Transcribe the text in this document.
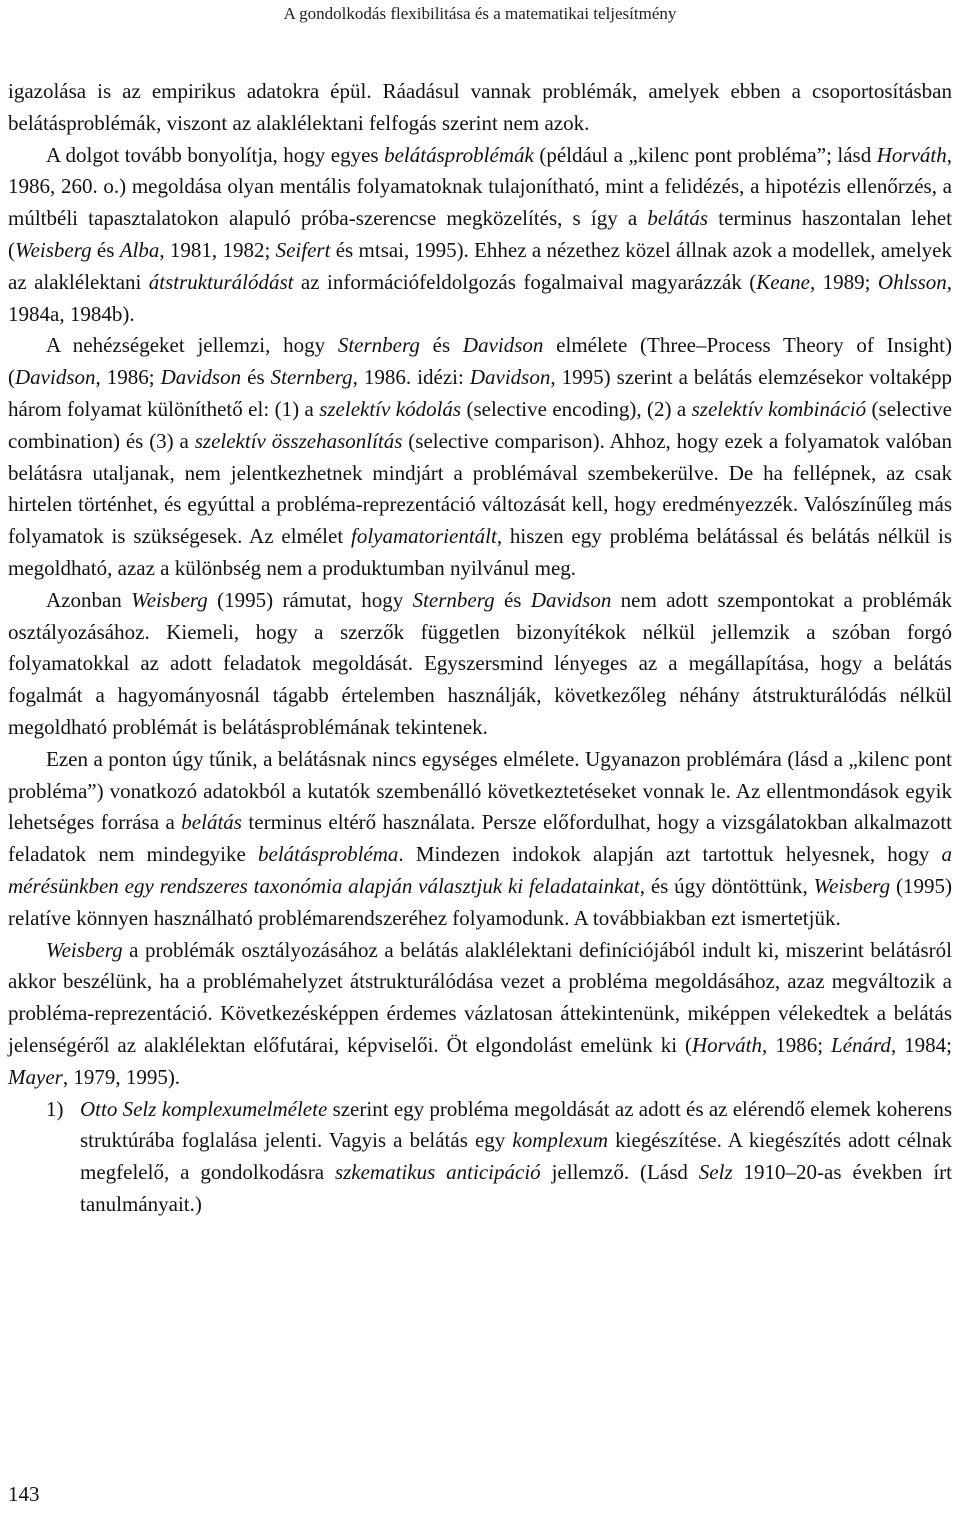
A gondolkodás flexibilitása és a matematikai teljesítmény

igazolása is az empirikus adatokra épül. Ráadásul vannak problémák, amelyek ebben a csoportosításban belátásproblémák, viszont az alaklélektani felfogás szerint nem azok.

A dolgot tovább bonyolítja, hogy egyes belátásproblémák (például a „kilenc pont probléma”; lásd Horváth, 1986, 260. o.) megoldása olyan mentális folyamatoknak tulajonítható, mint a felidézés, a hipotézis ellenőrzés, a múltbéli tapasztalatokon alapuló próba-szerencse megközelítés, s így a belátás terminus haszontalan lehet (Weisberg és Alba, 1981, 1982; Seifert és mtsai, 1995). Ehhez a nézethez közel állnak azok a modellek, amelyek az alaklélektani átstrukturálódást az információfeldolgozás fogalmaival magyarázzák (Keane, 1989; Ohlsson, 1984a, 1984b).

A nehézségeket jellemzi, hogy Sternberg és Davidson elmélete (Three–Process Theory of Insight) (Davidson, 1986; Davidson és Sternberg, 1986. idézi: Davidson, 1995) szerint a belátás elemzésekor voltaképp három folyamat különíthető el: (1) a szelektív kódolás (selective encoding), (2) a szelektív kombináció (selective combination) és (3) a szelektív összehasonlítás (selective comparison). Ahhoz, hogy ezek a folyamatok valóban belátásra utaljanak, nem jelentkezhetnek mindjárt a problémával szembekerülve. De ha fellépnek, az csak hirtelen történhet, és egyúttal a probléma-reprezentáció változását kell, hogy eredményezzék. Valószínűleg más folyamatok is szükségesek. Az elmélet folyamatorientált, hiszen egy probléma belátással és belátás nélkül is megoldható, azaz a különbség nem a produktumban nyilvánul meg.

Azonban Weisberg (1995) rámutat, hogy Sternberg és Davidson nem adott szempontokat a problémák osztályozásához. Kiemeli, hogy a szerzők független bizonyítékok nélkül jellemzik a szóban forgó folyamatokkal az adott feladatok megoldását. Egyszersmind lényeges az a megállapítása, hogy a belátás fogalmát a hagyományosnál tágabb értelemben használják, következőleg néhány átstrukturálódás nélkül megoldható problémát is belátásproblémának tekintenek.

Ezen a ponton úgy tűnik, a belátásnak nincs egységes elmélete. Ugyanazon problémára (lásd a „kilenc pont probléma”) vonatkozó adatokból a kutatók szembenálló következtetéseket vonnak le. Az ellentmondások egyik lehetséges forrása a belátás terminus eltérő használata. Persze előfordulhat, hogy a vizsgálatokban alkalmazott feladatok nem mindegyike belátásprobléma. Mindezen indokok alapján azt tartottuk helyesnek, hogy a mérésünkben egy rendszeres taxonómia alapján választjuk ki feladatainkat, és úgy döntöttünk, Weisberg (1995) relatíve könnyen használható problémarendszeréhez folyamodunk. A továbbiakban ezt ismertetjük.

Weisberg a problémák osztályozásához a belátás alaklélektani definíciójából indult ki, miszerint belátásról akkor beszélünk, ha a problémahelyzet átstrukturálódása vezet a probléma megoldásához, azaz megváltozik a probléma-reprezentáció. Következésképpen érdemes vázlatosan áttekintenünk, miképpen vélekedtek a belátás jelenségéről az alaklélektan előfutárai, képviselői. Öt elgondolást emelünk ki (Horváth, 1986; Lénárd, 1984; Mayer, 1979, 1995).

1) Otto Selz komplexumelmélete szerint egy probléma megoldását az adott és az elérendő elemek koherens struktúrába foglalása jelenti. Vagyis a belátás egy komplexum kiegészítése. A kiegészítés adott célnak megfelelő, a gondolkodásra szkematikus anticipáció jellemző. (Lásd Selz 1910–20-as években írt tanulmányait.)
143
